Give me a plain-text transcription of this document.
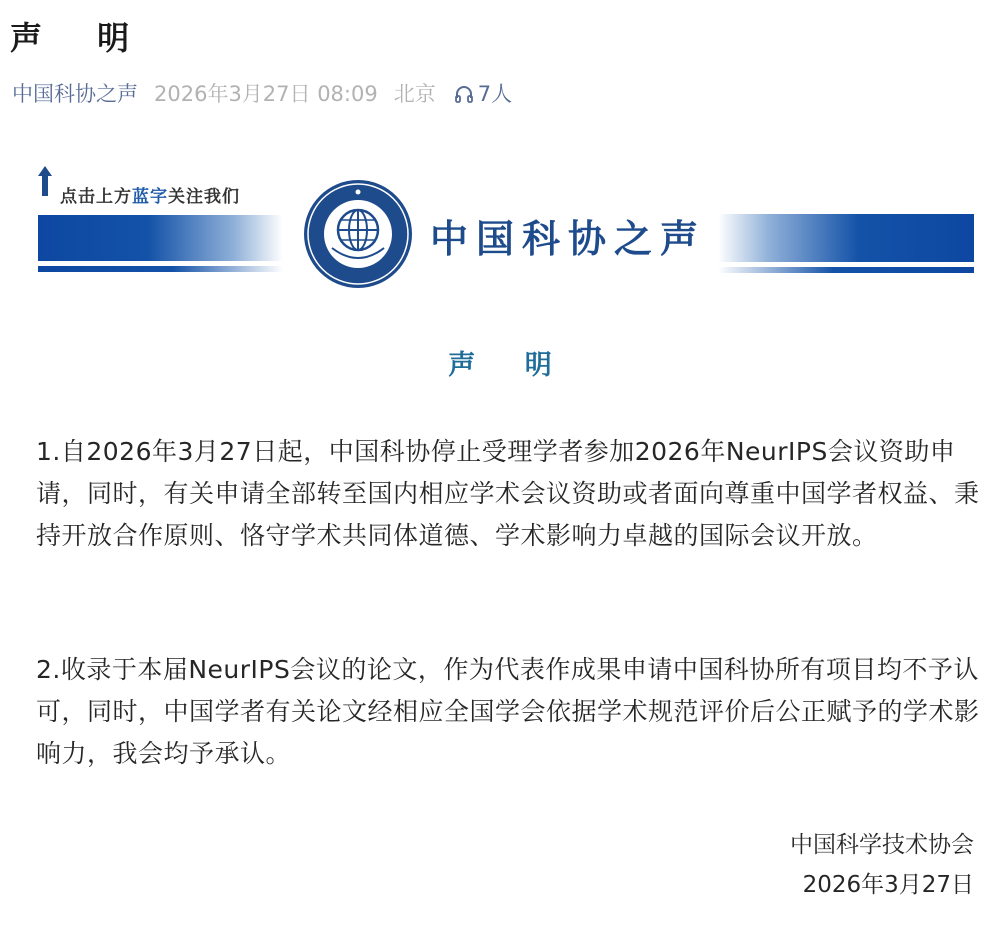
声 明
中国科协之声 2026年3月27日 08:09 北京 7人
点击上方蓝字关注我们
中国科协之声
声 明
1.自2026年3月27日起，中国科协停止受理学者参加2026年NeurIPS会议资助申请，同时，有关申请全部转至国内相应学术会议资助或者面向尊重中国学者权益、秉持开放合作原则、恪守学术共同体道德、学术影响力卓越的国际会议开放。
2.收录于本届NeurIPS会议的论文，作为代表作成果申请中国科协所有项目均不予认可，同时，中国学者有关论文经相应全国学会依据学术规范评价后公正赋予的学术影响力，我会均予承认。
中国科学技术协会
2026年3月27日
